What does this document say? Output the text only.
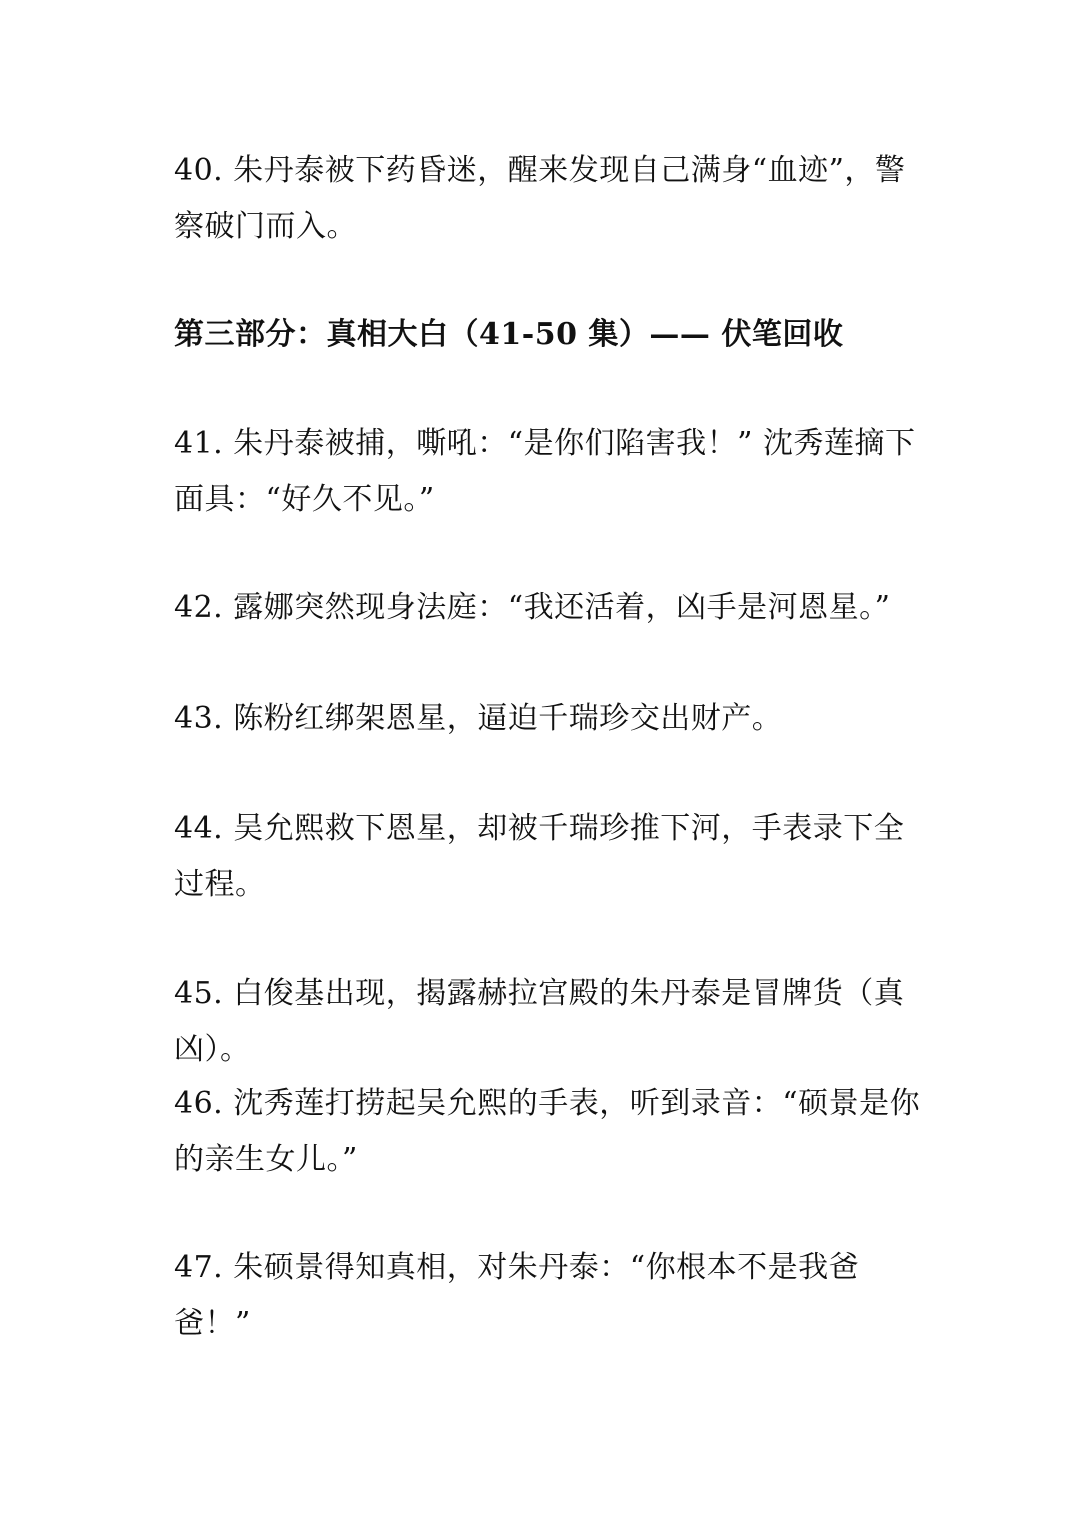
40. 朱丹泰被下药昏迷，醒来发现自己满身“血迹”，警察破门而入。

第三部分：真相大白（41-50 集）—— 伏笔回收

41. 朱丹泰被捕，嘶吼：“是你们陷害我！” 沈秀莲摘下面具：“好久不见。”

42. 露娜突然现身法庭：“我还活着，凶手是河恩星。”

43. 陈粉红绑架恩星，逼迫千瑞珍交出财产。

44. 吴允熙救下恩星，却被千瑞珍推下河，手表录下全过程。

45. 白俊基出现，揭露赫拉宫殿的朱丹泰是冒牌货（真凶）。

46. 沈秀莲打捞起吴允熙的手表，听到录音：“硕景是你的亲生女儿。”

47. 朱硕景得知真相，对朱丹泰：“你根本不是我爸爸！”
